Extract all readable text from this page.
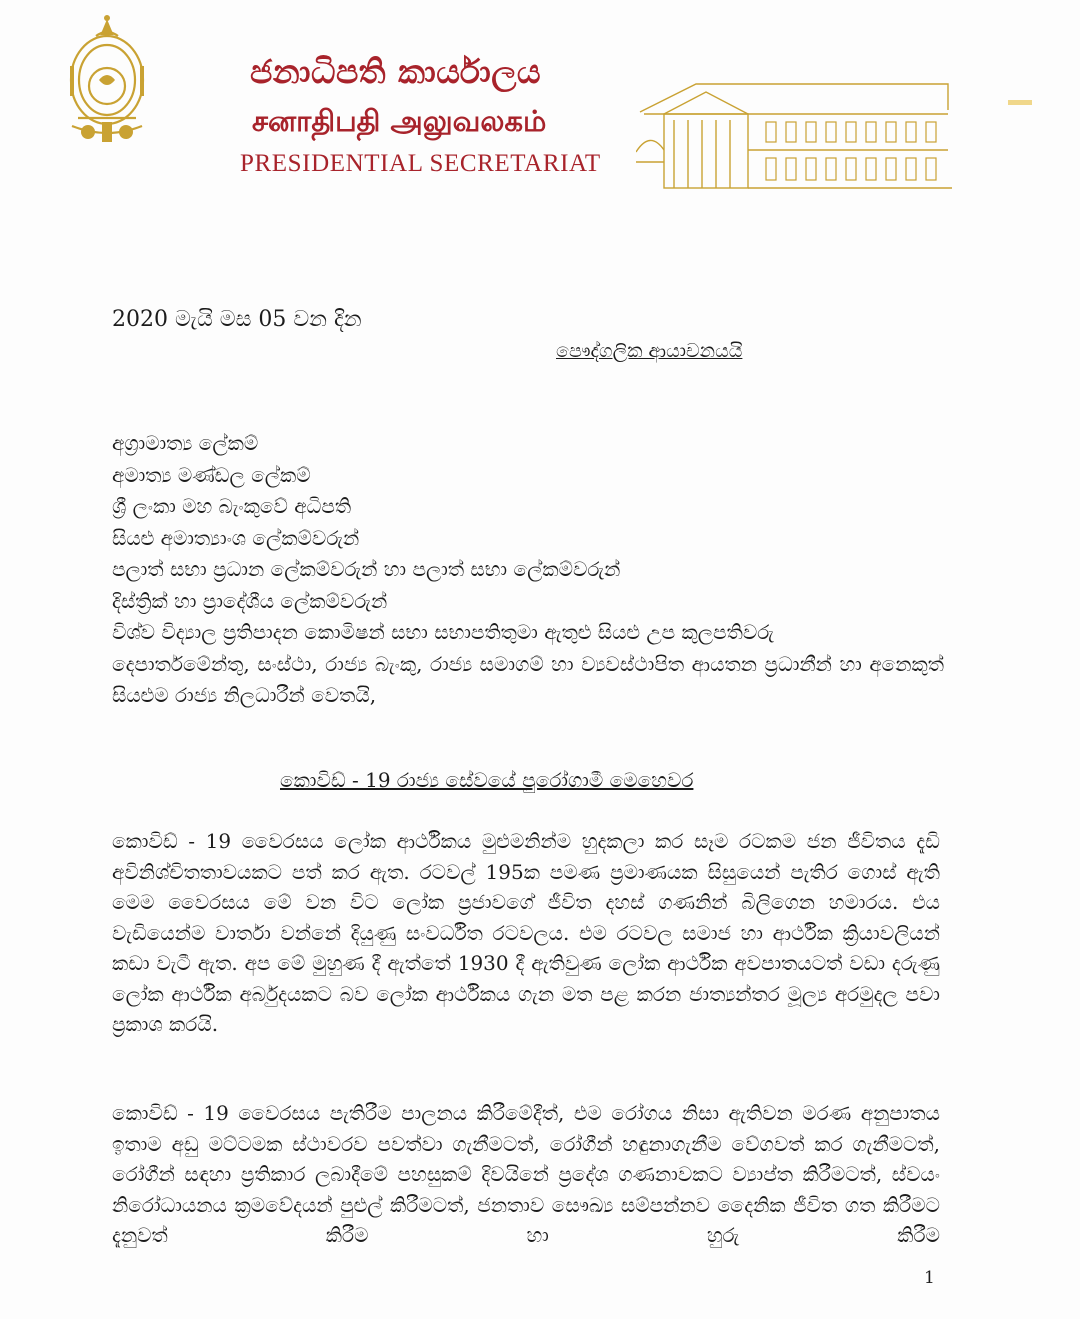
ජනාධිපති කාර්යාලය
சனாதிபதி அலுவலகம்
PRESIDENTIAL SECRETARIAT
2020 මැයි මස 05 වන දින
පෞද්ගලික ආයාචනයයි

අග්‍රාමාත්‍ය ලේකම්

අමාත්‍ය මණ්ඩල ලේකම්

ශ්‍රී ලංකා මහ බැංකුවේ අධිපති

සියළු අමාත්‍යාංශ ලේකම්වරුන්

පලාත් සභා ප්‍රධාන ලේකම්වරුන් හා පලාත් සභා ලේකම්වරුන්

දිස්ත්‍රික් හා ප්‍රාදේශීය ලේකම්වරුන්

විශ්ව විද්‍යාල ප්‍රතිපාදන කොමිෂන් සභා සභාපතිතුමා ඇතුළු සියළු උප කුලපතිවරු

දෙපාර්තමේන්තු, සංස්ථා, රාජ්‍ය බැංකු, රාජ්‍ය සමාගම් හා ව්‍යවස්ථාපිත ආයතන ප්‍රධානීන් හා අනෙකුත් සියළුම රාජ්‍ය නිලධාරීන් වෙතයි,

කොවිඩ් - 19 රාජ්‍ය සේවයේ පුරෝගාමී මෙහෙවර

කොවිඩ් - 19 වෛරසය ලෝක ආර්ථිකය මුළුමනින්ම හුදකලා කර සෑම රටකම ජන ජීවිතය දැඩි අවිනිශ්චිතතාවයකට පත් කර ඇත. රටවල් 195ක පමණ ප්‍රමාණයක සිසුයෙන් පැතිර ගොස් ඇති මෙම වෛරසය මේ වන විට ලෝක ප්‍රජාවගේ ජීවිත දහස් ගණනින් බිලිගෙන හමාරය. එය වැඩියෙන්ම වාර්තා වන්නේ දියුණු සංවර්ධිත රටවලය. එම රටවල සමාජ හා ආර්ථික ක්‍රියාවලියන් කඩා වැටී ඇත. අප මේ මුහුණ දී ඇත්තේ 1930 දී ඇතිවුණ ලෝක ආර්ථික අවපාතයටත් වඩා දරුණු ලෝක ආර්ථික අර්බුදයකට බව ලෝක ආර්ථිකය ගැන මත පළ කරන ජාත්‍යන්තර මූල්‍ය අරමුදල පවා ප්‍රකාශ කරයි.

කොවිඩ් - 19 වෛරසය පැතිරීම පාලනය කිරීමේදීත්, එම රෝගය නිසා ඇතිවන මරණ අනුපාතය ඉතාම අඩු මට්ටමක ස්ථාවරව පවත්වා ගැනීමටත්, රෝගීන් හඳුනාගැනීම වේගවත් කර ගැනීමටත්, රෝගීන් සඳහා ප්‍රතිකාර ලබාදීමේ පහසුකම් දිවයිනේ ප්‍රදේශ ගණනාවකට ව්‍යාප්ත කිරීමටත්, ස්වයං නිරෝධායනය ක්‍රමවේදයන් පුළුල් කිරීමටත්, ජනතාව සෞඛ්‍ය සම්පන්නව දෛනික ජීවිත ගත කිරීමට දැනුවත් කිරීම හා හුරු කිරීම

1
